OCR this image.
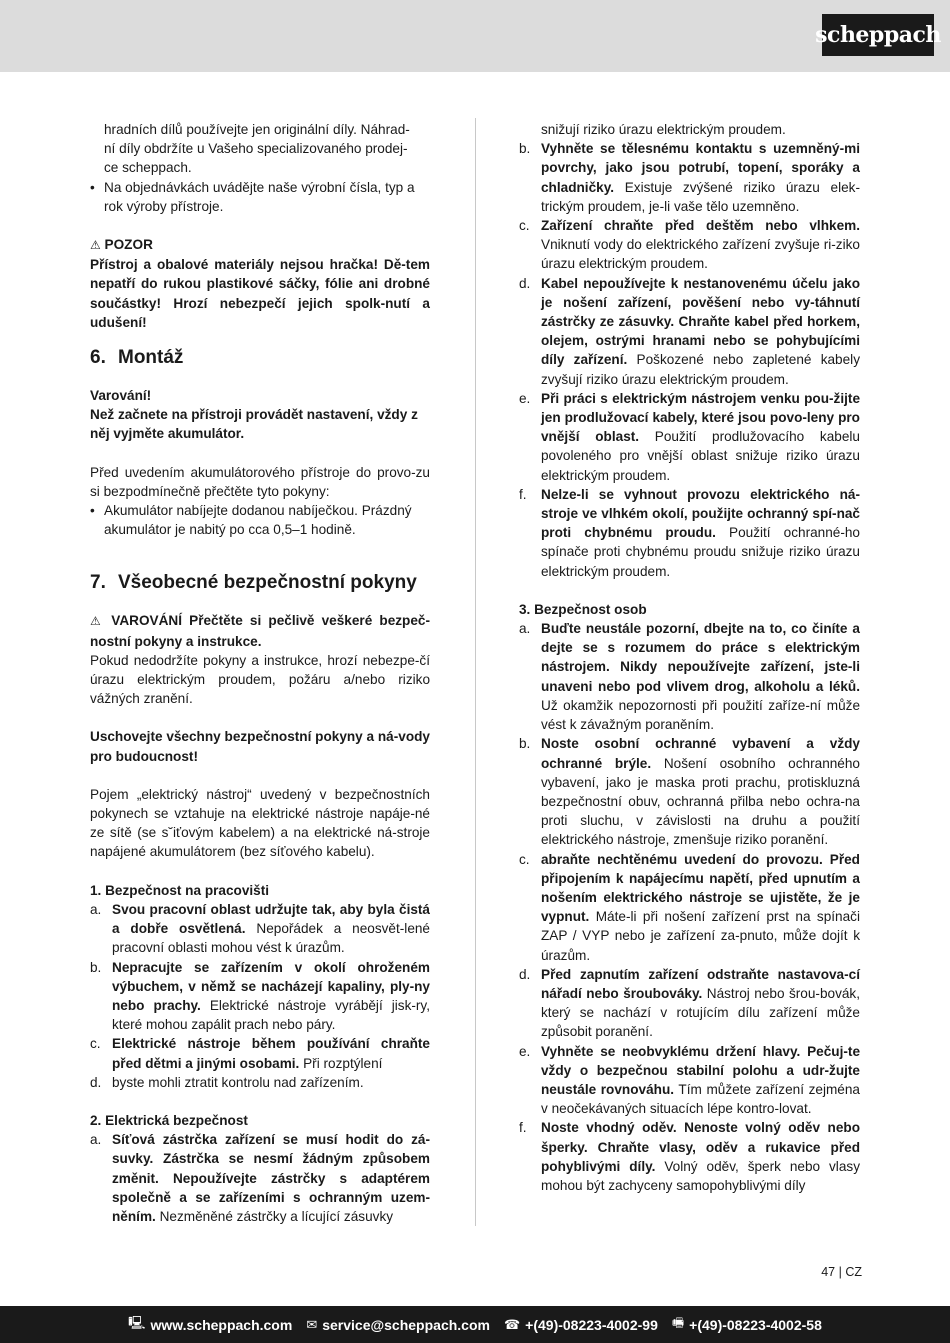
scheppach

hradních dílů používejte jen originální díly. Náhrad-

ní díly obdržíte u Vašeho specializovaného prodej-

ce scheppach.

• Na objednávkách uvádějte naše výrobní čísla, typ a rok výroby přístroje.

⚠ POZOR

Přístroj a obalové materiály nejsou hračka! Dě-tem nepatří do rukou plastikové sáčky, fólie ani drobné součástky! Hrozí nebezpečí jejich spolk-nutí a udušení!

6. Montáž

Varování!

Než začnete na přístroji provádět nastavení, vždy z něj vyjměte akumulátor.

Před uvedením akumulátorového přístroje do provo-zu si bezpodmínečně přečtěte tyto pokyny:

• Akumulátor nabíjejte dodanou nabíječkou. Prázdný akumulátor je nabitý po cca 0,5–1 hodině.
7. Všeobecné bezpečnostní pokyny

⚠ VAROVÁNÍ Přečtěte si pečlivě veškeré bezpeč-nostní pokyny a instrukce.

Pokud nedodržíte pokyny a instrukce, hrozí nebezpe-čí úrazu elektrickým proudem, požáru a/nebo riziko vážných zranění.

Uschovejte všechny bezpečnostní pokyny a ná-vody pro budoucnost!

Pojem „elektrický nástroj“ uvedený v bezpečnostních pokynech se vztahuje na elektrické nástroje napáje-né ze sítě (se s˘iťovým kabelem) a na elektrické ná-stroje napájené akumulátorem (bez síťového kabelu).

1. Bezpečnost na pracovišti

a. Svou pracovní oblast udržujte tak, aby byla čistá a dobře osvětlená. Nepořádek a neosvět-lené pracovní oblasti mohou vést k úrazům.
b. Nepracujte se zařízením v okolí ohroženém výbuchem, v němž se nacházejí kapaliny, ply-ny nebo prachy. Elektrické nástroje vyrábějí jisk-ry, které mohou zapálit prach nebo páry.
c. Elektrické nástroje během používání chraňte před dětmi a jinými osobami. Při rozptýlení
d. byste mohli ztratit kontrolu nad zařízením.

2. Elektrická bezpečnost

a. Síťová zástrčka zařízení se musí hodit do zá-suvky. Zástrčka se nesmí žádným způsobem změnit. Nepoužívejte zástrčky s adaptérem společně a se zařízeními s ochranným uzem-něním. Nezměněné zástrčky a lícující zásuvky

snižují riziko úrazu elektrickým proudem.

b. Vyhněte se tělesnému kontaktu s uzemněný-mi povrchy, jako jsou potrubí, topení, sporáky a chladničky. Existuje zvýšené riziko úrazu elek-trickým proudem, je-li vaše tělo uzemněno.
c. Zařízení chraňte před deštěm nebo vlhkem. Vniknutí vody do elektrického zařízení zvyšuje ri-ziko úrazu elektrickým proudem.
d. Kabel nepoužívejte k nestanovenému účelu jako je nošení zařízení, pověšení nebo vy-táhnutí zástrčky ze zásuvky. Chraňte kabel před horkem, olejem, ostrými hranami nebo se pohybujícími díly zařízení. Poškozené nebo zapletené kabely zvyšují riziko úrazu elektrickým proudem.
e. Při práci s elektrickým nástrojem venku pou-žijte jen prodlužovací kabely, které jsou povo-leny pro vnější oblast. Použití prodlužovacího kabelu povoleného pro vnější oblast snižuje riziko úrazu elektrickým proudem.
f.	Nelze-li se vyhnout provozu elektrického ná-stroje ve vlhkém okolí, použijte ochranný spí-nač proti chybnému proudu. Použití ochranné-ho spínače proti chybnému proudu snižuje riziko úrazu elektrickým proudem.

3. Bezpečnost osob

a. Buďte neustále pozorní, dbejte na to, co činíte a dejte se s rozumem do práce s elektrickým nástrojem. Nikdy nepoužívejte zařízení, jste-li unaveni nebo pod vlivem drog, alkoholu a léků. Už okamžik nepozornosti při použití zaříze-ní může vést k závažným poraněním.
b. Noste osobní ochranné vybavení a vždy ochranné brýle. Nošení osobního ochranného vybavení, jako je maska proti prachu, protiskluzná bezpečnostní obuv, ochranná přilba nebo ochra-na proti sluchu, v závislosti na druhu a použití elektrického nástroje, zmenšuje riziko poranění.
c. abraňte nechtěnému uvedení do provozu. Před připojením k napájecímu napětí, před upnutím a nošením elektrického nástroje se ujistěte, že je vypnut. Máte-li při nošení zařízení prst na spínači ZAP / VYP nebo je zařízení za-pnuto, může dojít k úrazům.
d. Před zapnutím zařízení odstraňte nastavova-cí nářadí nebo šroubováky. Nástroj nebo šrou-bovák, který se nachází v rotujícím dílu zařízení může způsobit poranění.
e. Vyhněte se neobvyklému držení hlavy. Pečuj-te vždy o bezpečnou stabilní polohu a udr-žujte neustále rovnováhu. Tím můžete zařízení zejména v neočekávaných situacích lépe kontro-lovat.
f.	Noste vhodný oděv. Nenoste volný oděv nebo šperky. Chraňte vlasy, oděv a rukavice před pohyblivými díly. Volný oděv, šperk nebo vlasy mohou být zachyceny samopohyblivými díly
47 | CZ
🖳 www.scheppach.com ✉ service@scheppach.com ☎ +(49)-08223-4002-99 🖷 +(49)-08223-4002-58
